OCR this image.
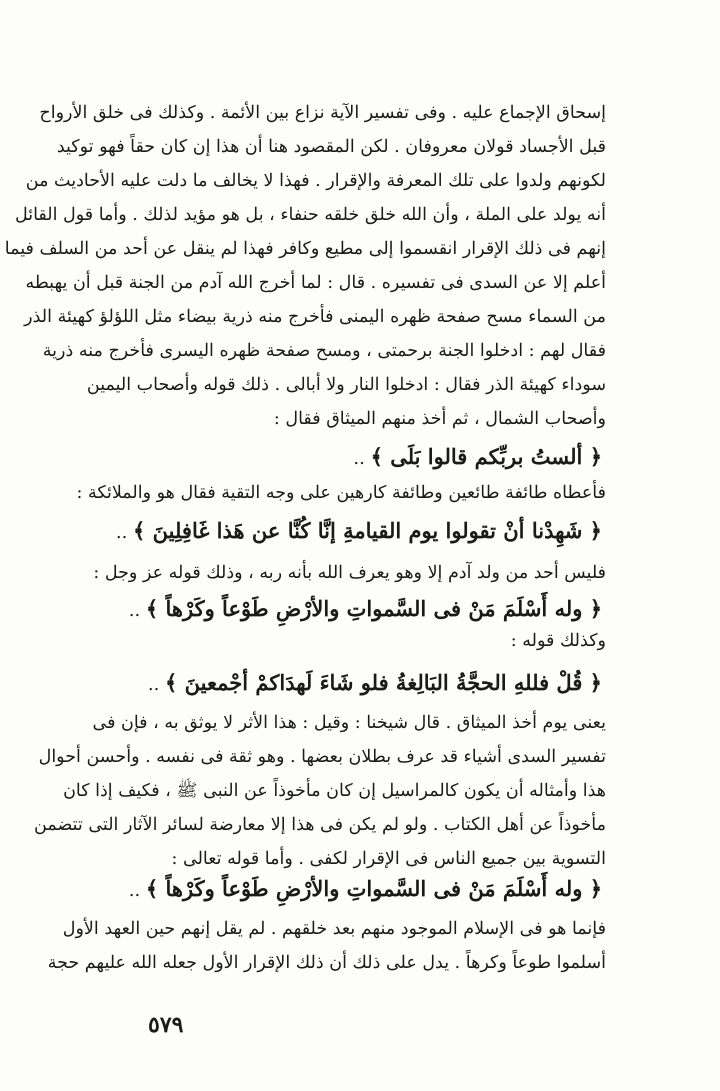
إسحاق الإجماع عليه . وفى تفسير الآية نزاع بين الأئمة . وكذلك فى خلق الأرواح
قبل الأجساد قولان معروفان . لكن المقصود هنا أن هذا إن كان حقاً فهو توكيد
لكونهم ولدوا على تلك المعرفة والإقرار . فهذا لا يخالف ما دلت عليه الأحاديث من
أنه يولد على الملة ، وأن الله خلق خلقه حنفاء ، بل هو مؤيد لذلك . وأما قول القائل
إنهم فى ذلك الإقرار انقسموا إلى مطيع وكافر فهذا لم ينقل عن أحد من السلف فيما
أعلم إلا عن السدى فى تفسيره . قال : لما أخرج الله آدم من الجنة قبل أن يهبطه
من السماء مسح صفحة ظهره اليمنى فأخرج منه ذرية بيضاء مثل اللؤلؤ كهيئة الذر
فقال لهم : ادخلوا الجنة برحمتى ، ومسح صفحة ظهره اليسرى فأخرج منه ذرية
سوداء كهيئة الذر فقال : ادخلوا النار ولا أبالى . ذلك قوله وأصحاب اليمين
وأصحاب الشمال ، ثم أخذ منهم الميثاق فقال :
﴿ ألستُ بربِّكم قالوا بَلَى ﴾ ..
فأعطاه طائفة طائعين وطائفة كارهين على وجه التقية فقال هو والملائكة :
﴿ شَهِدْنا أنْ تقولوا يوم القيامةِ إنَّا كُنَّا عن هَذا غَافِلِينَ ﴾ ..
فليس أحد من ولد آدم إلا وهو يعرف الله بأنه ربه ، وذلك قوله عز وجل :
﴿ وله أَسْلَمَ مَنْ فى السَّمواتِ والأرْضِ طَوْعاً وكَرْهاً ﴾ ..
وكذلك قوله :
﴿ قُلْ فللهِ الحجَّةُ البَالِغةُ فلو شَاءَ لَهدَاكمْ أجْمعينَ ﴾ ..
يعنى يوم أخذ الميثاق . قال شيخنا : وقيل : هذا الأثر لا يوثق به ، فإن فى
تفسير السدى أشياء قد عرف بطلان بعضها . وهو ثقة فى نفسه . وأحسن أحوال
هذا وأمثاله أن يكون كالمراسيل إن كان مأخوذاً عن النبى ﷺ ، فكيف إذا كان
مأخوذاً عن أهل الكتاب . ولو لم يكن فى هذا إلا معارضة لسائر الآثار التى تتضمن
التسوية بين جميع الناس فى الإقرار لكفى . وأما قوله تعالى :
﴿ وله أَسْلَمَ مَنْ فى السَّمواتِ والأرْضِ طَوْعاً وكَرْهاً ﴾ ..
فإنما هو فى الإسلام الموجود منهم بعد خلقهم . لم يقل إنهم حين العهد الأول
أسلموا طوعاً وكرهاً . يدل على ذلك أن ذلك الإقرار الأول جعله الله عليهم حجة
٥٧٩
